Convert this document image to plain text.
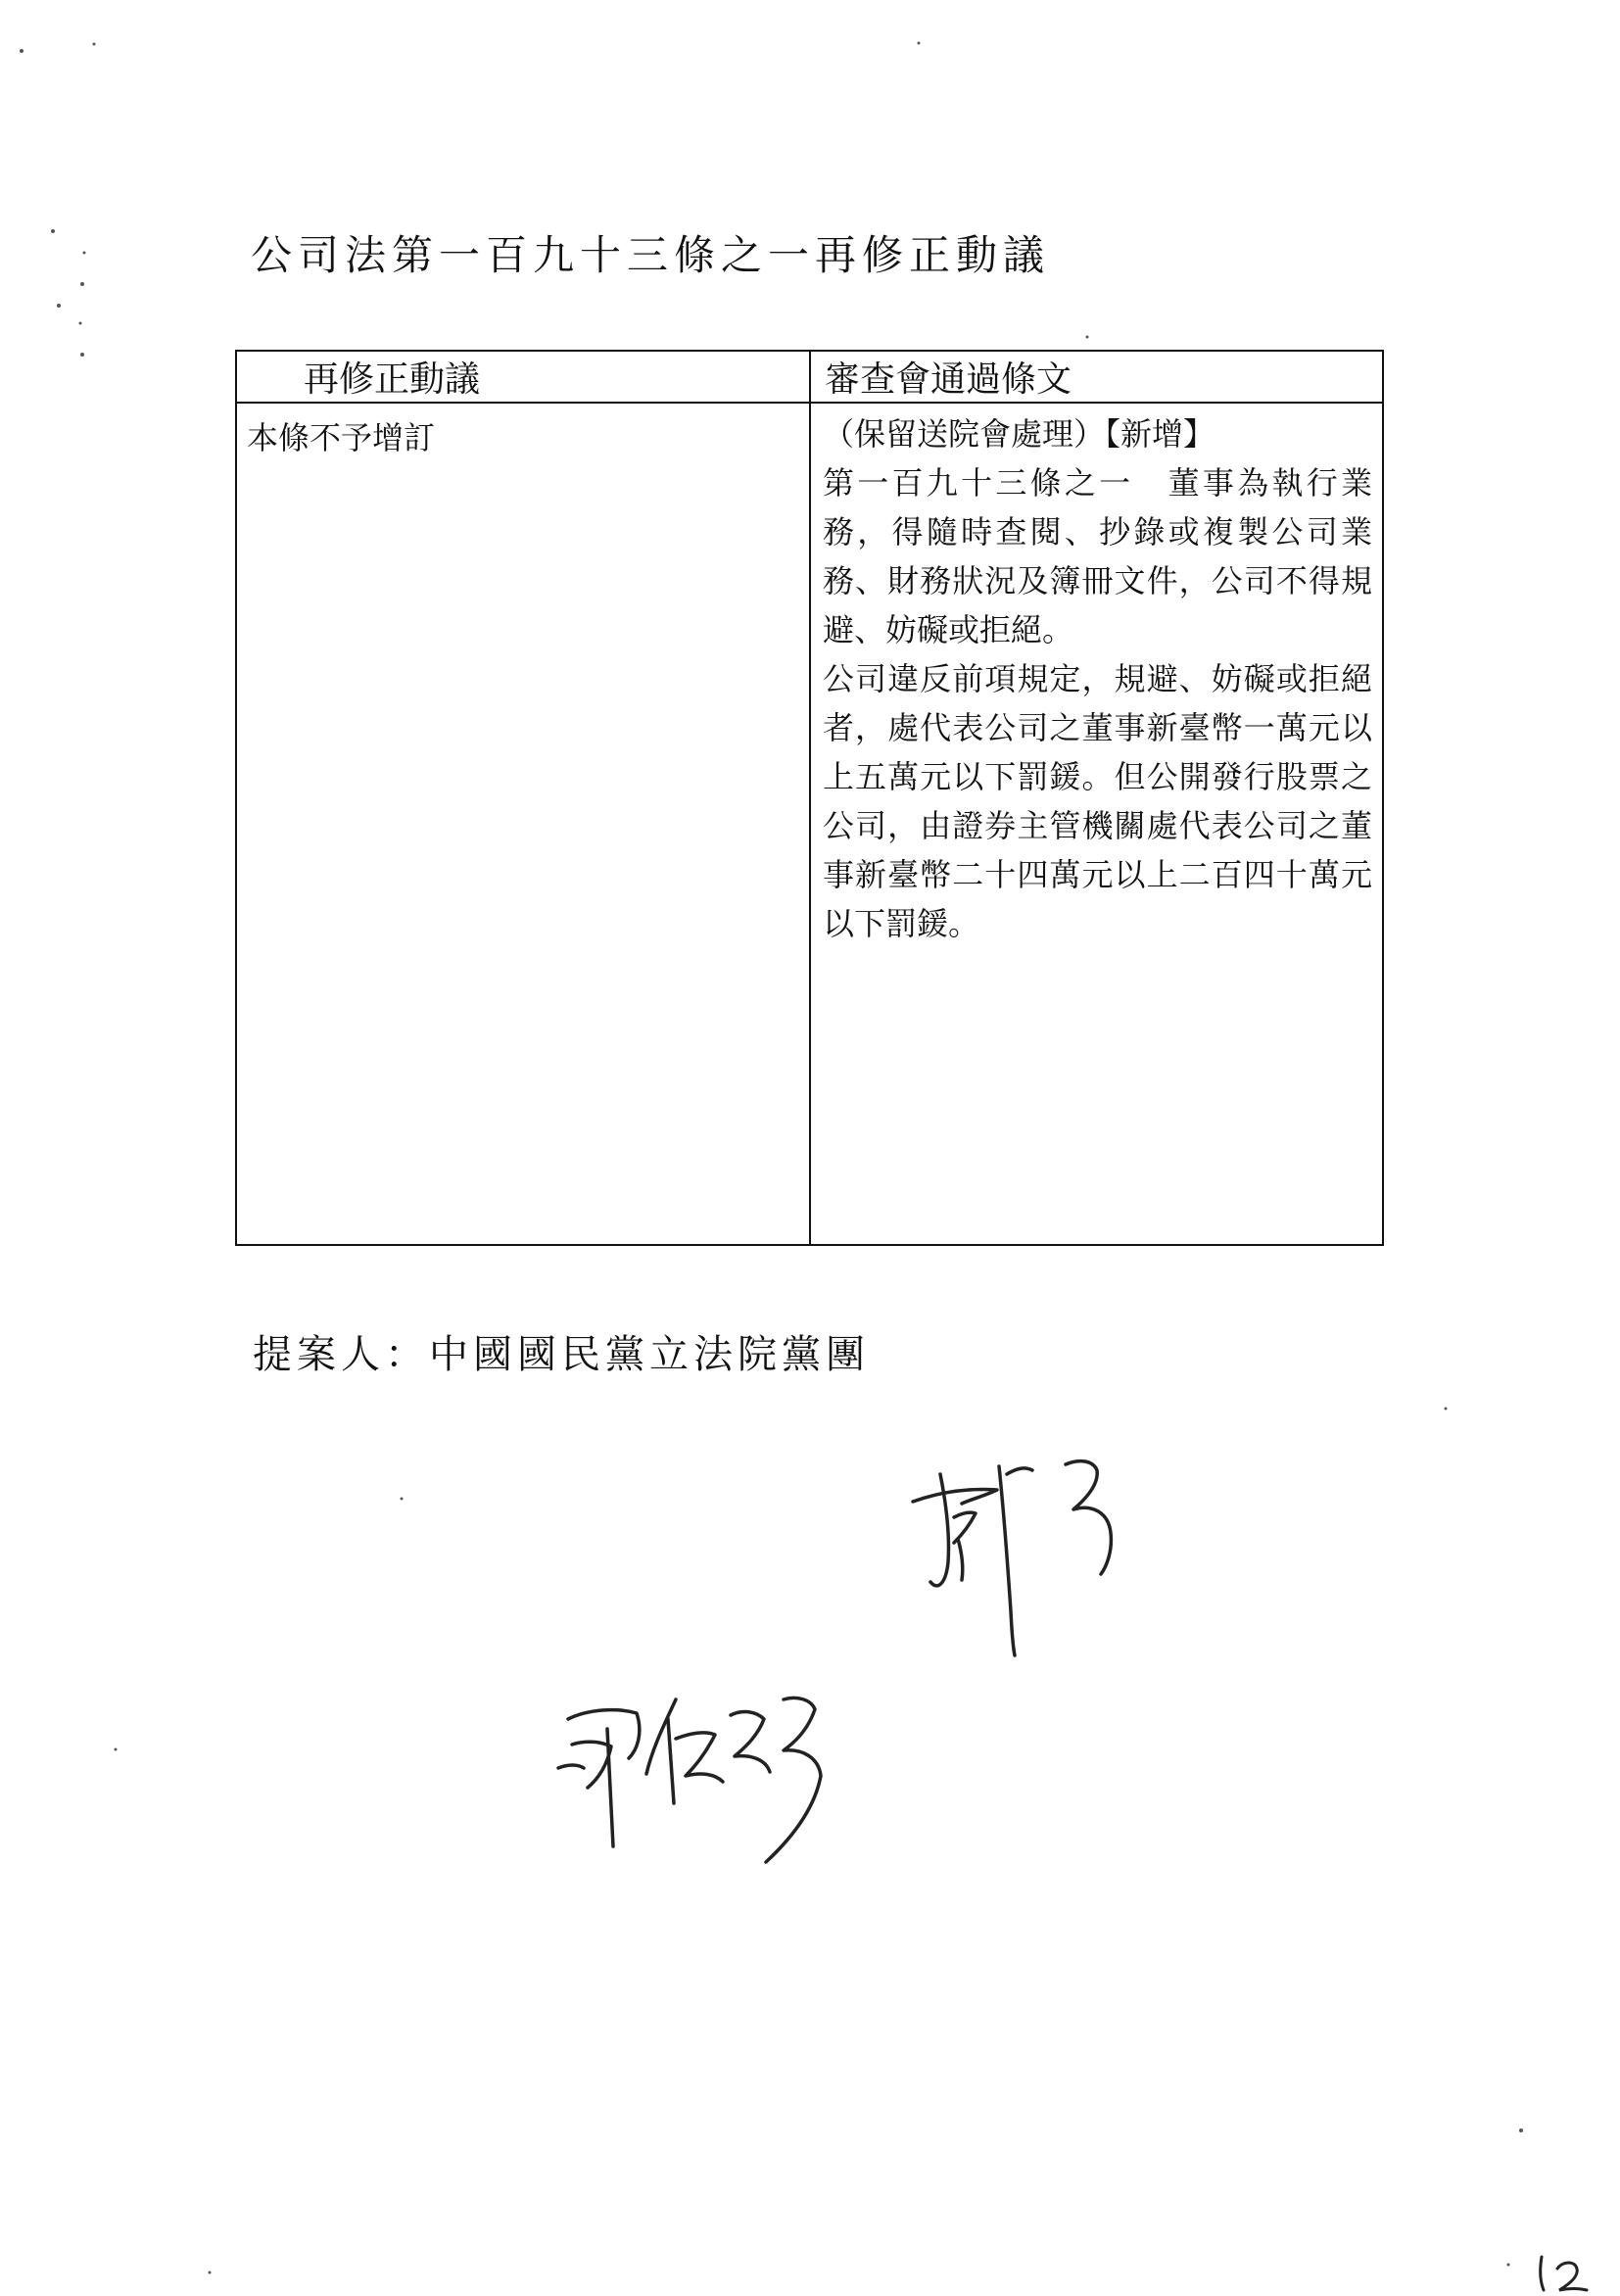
公司法第一百九十三條之一再修正動議
再修正動議	審查會通過條文
本條不予增訂	（保留送院會處理）【新增】

第一百九十三條之一　董事為執行業務，得隨時查閱、抄錄或複製公司業務、財務狀況及簿冊文件，公司不得規避、妨礙或拒絕。

公司違反前項規定，規避、妨礙或拒絕者，處代表公司之董事新臺幣一萬元以上五萬元以下罰鍰。但公開發行股票之公司，由證券主管機關處代表公司之董事新臺幣二十四萬元以上二百四十萬元以下罰鍰。

提案人：中國國民黨立法院黨團
